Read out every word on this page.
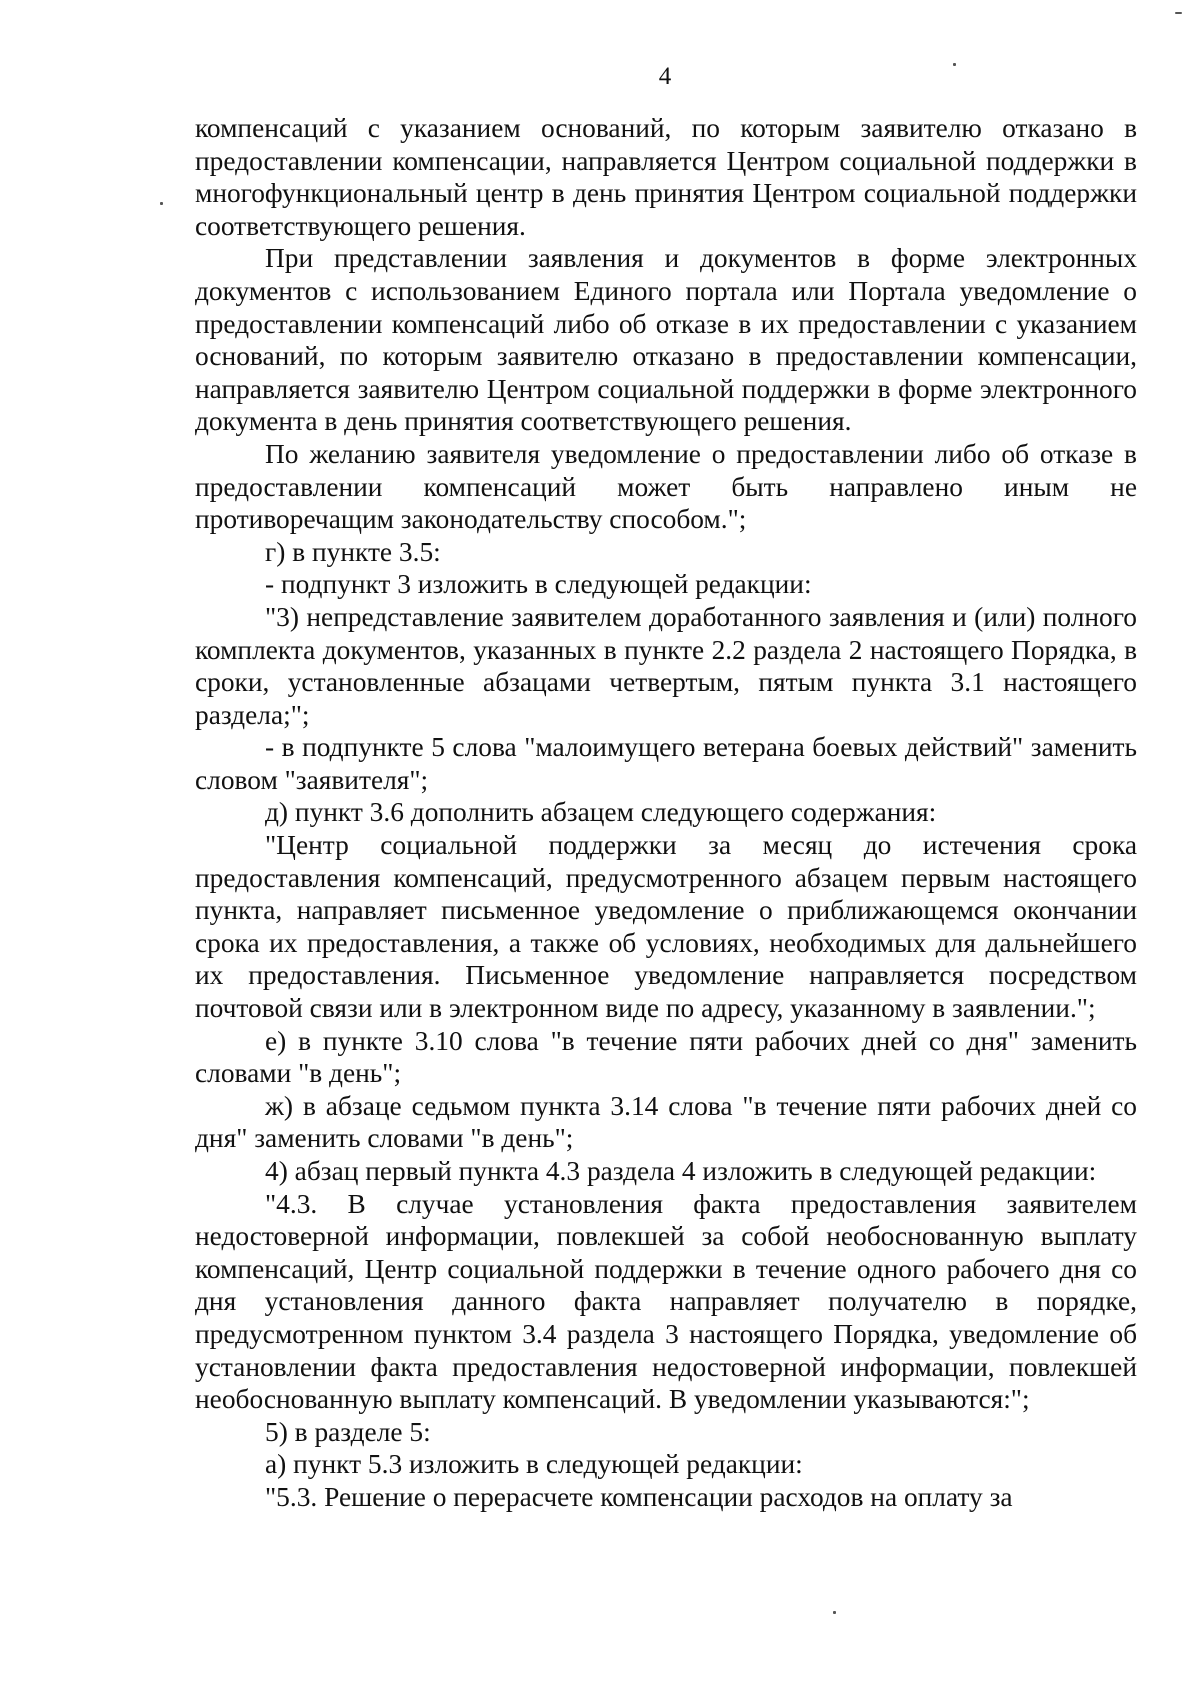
4

компенсаций с указанием оснований, по которым заявителю отказано в предоставлении компенсации, направляется Центром социальной поддержки в многофункциональный центр в день принятия Центром социальной поддержки соответствующего решения.

При представлении заявления и документов в форме электронных документов с использованием Единого портала или Портала уведомление о предоставлении компенсаций либо об отказе в их предоставлении с указанием оснований, по которым заявителю отказано в предоставлении компенсации, направляется заявителю Центром социальной поддержки в форме электронного документа в день принятия соответствующего решения.

По желанию заявителя уведомление о предоставлении либо об отказе в предоставлении компенсаций может быть направлено иным не противоречащим законодательству способом.";

г) в пункте 3.5:

- подпункт 3 изложить в следующей редакции:

"3) непредставление заявителем доработанного заявления и (или) полного комплекта документов, указанных в пункте 2.2 раздела 2 настоящего Порядка, в сроки, установленные абзацами четвертым, пятым пункта 3.1 настоящего раздела;";

- в подпункте 5 слова "малоимущего ветерана боевых действий" заменить словом "заявителя";

д) пункт 3.6 дополнить абзацем следующего содержания:

"Центр социальной поддержки за месяц до истечения срока предоставления компенсаций, предусмотренного абзацем первым настоящего пункта, направляет письменное уведомление о приближающемся окончании срока их предоставления, а также об условиях, необходимых для дальнейшего их предоставления. Письменное уведомление направляется посредством почтовой связи или в электронном виде по адресу, указанному в заявлении.";

е) в пункте 3.10 слова "в течение пяти рабочих дней со дня" заменить словами "в день";

ж) в абзаце седьмом пункта 3.14 слова "в течение пяти рабочих дней со дня" заменить словами "в день";

4) абзац первый пункта 4.3 раздела 4 изложить в следующей редакции:

"4.3. В случае установления факта предоставления заявителем недостоверной информации, повлекшей за собой необоснованную выплату компенсаций, Центр социальной поддержки в течение одного рабочего дня со дня установления данного факта направляет получателю в порядке, предусмотренном пунктом 3.4 раздела 3 настоящего Порядка, уведомление об установлении факта предоставления недостоверной информации, повлекшей необоснованную выплату компенсаций. В уведомлении указываются:";

5) в разделе 5:

а) пункт 5.3 изложить в следующей редакции:

"5.3. Решение о перерасчете компенсации расходов на оплату за
